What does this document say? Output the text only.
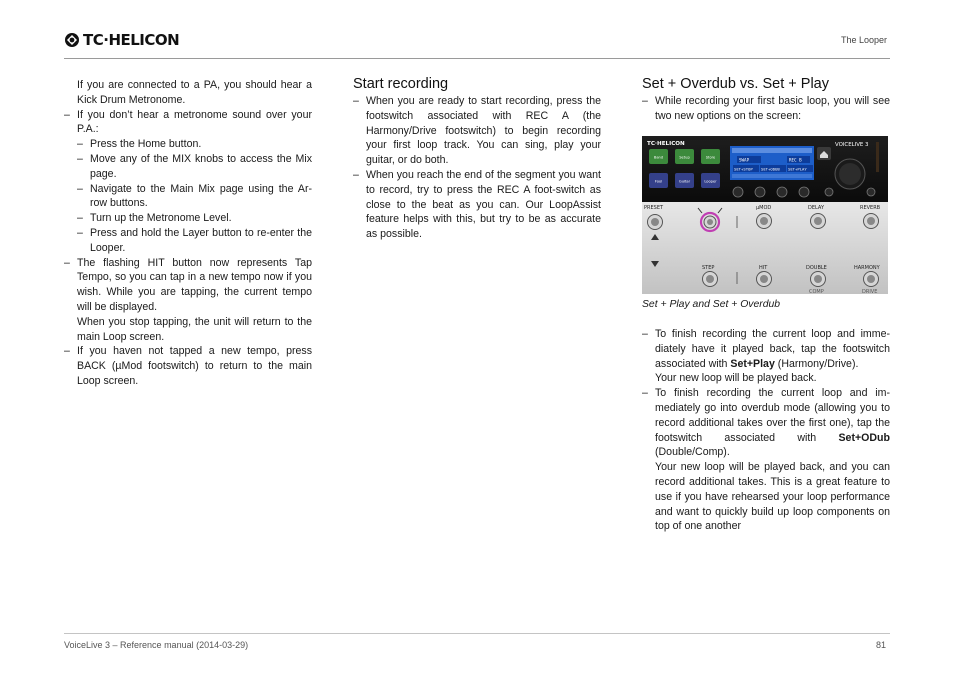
TC·HELICON	The Looper

If you are connected to a PA, you should hear a Kick Drum Metronome.

– If you don’t hear a metronome sound over your P.A.:
– Press the Home button.
– Move any of the MIX knobs to access the Mix page.
– Navigate to the Main Mix page using the Ar-row buttons.
– Turn up the Metronome Level.
– Press and hold the Layer button to re-enter the Looper.
– The flashing HIT button now represents Tap Tempo, so you can tap in a new tempo now if you wish. While you are tapping, the current tempo will be displayed.

When you stop tapping, the unit will return to the main Loop screen.

– If you haven not tapped a new tempo, press BACK (µMod footswitch) to return to the main Loop screen.
Start recording
– When you are ready to start recording, press the footswitch associated with REC A (the Harmony/Drive footswitch) to begin recording your first loop track. You can sing, play your guitar, or do both.
– When you reach the end of the segment you want to record, try to press the REC A foot-switch as close to the beat as you can. Our LoopAssist feature helps with this, but try to be as accurate as possible.
Set + Overdub vs. Set + Play
– While recording your first basic loop, you will see two new options on the screen:
TC·HELICON	VOICELIVE 3
Band	Setup	Store
Fool	Guitar	Looper
SWAP	REC B
SET+STOP SET+ODUB SET+PLAY
PRESET	µMOD	DELAY	REVERB
STEP	HIT	DOUBLE	HARMONY
COMP	DRIVE
Set + Play and Set + Overdub
– To finish recording the current loop and imme-diately have it played back, tap the footswitch associated with Set+Play (Harmony/Drive).

Your new loop will be played back.

– To finish recording the current loop and im-mediately go into overdub mode (allowing you to record additional takes over the first one), tap the footswitch associated with Set+ODub (Double/Comp).

Your new loop will be played back, and you can record additional takes. This is a great feature to use if you have rehearsed your loop performance and want to quickly build up loop components on top of one another

VoiceLive 3 – Reference manual (2014-03-29)	81
